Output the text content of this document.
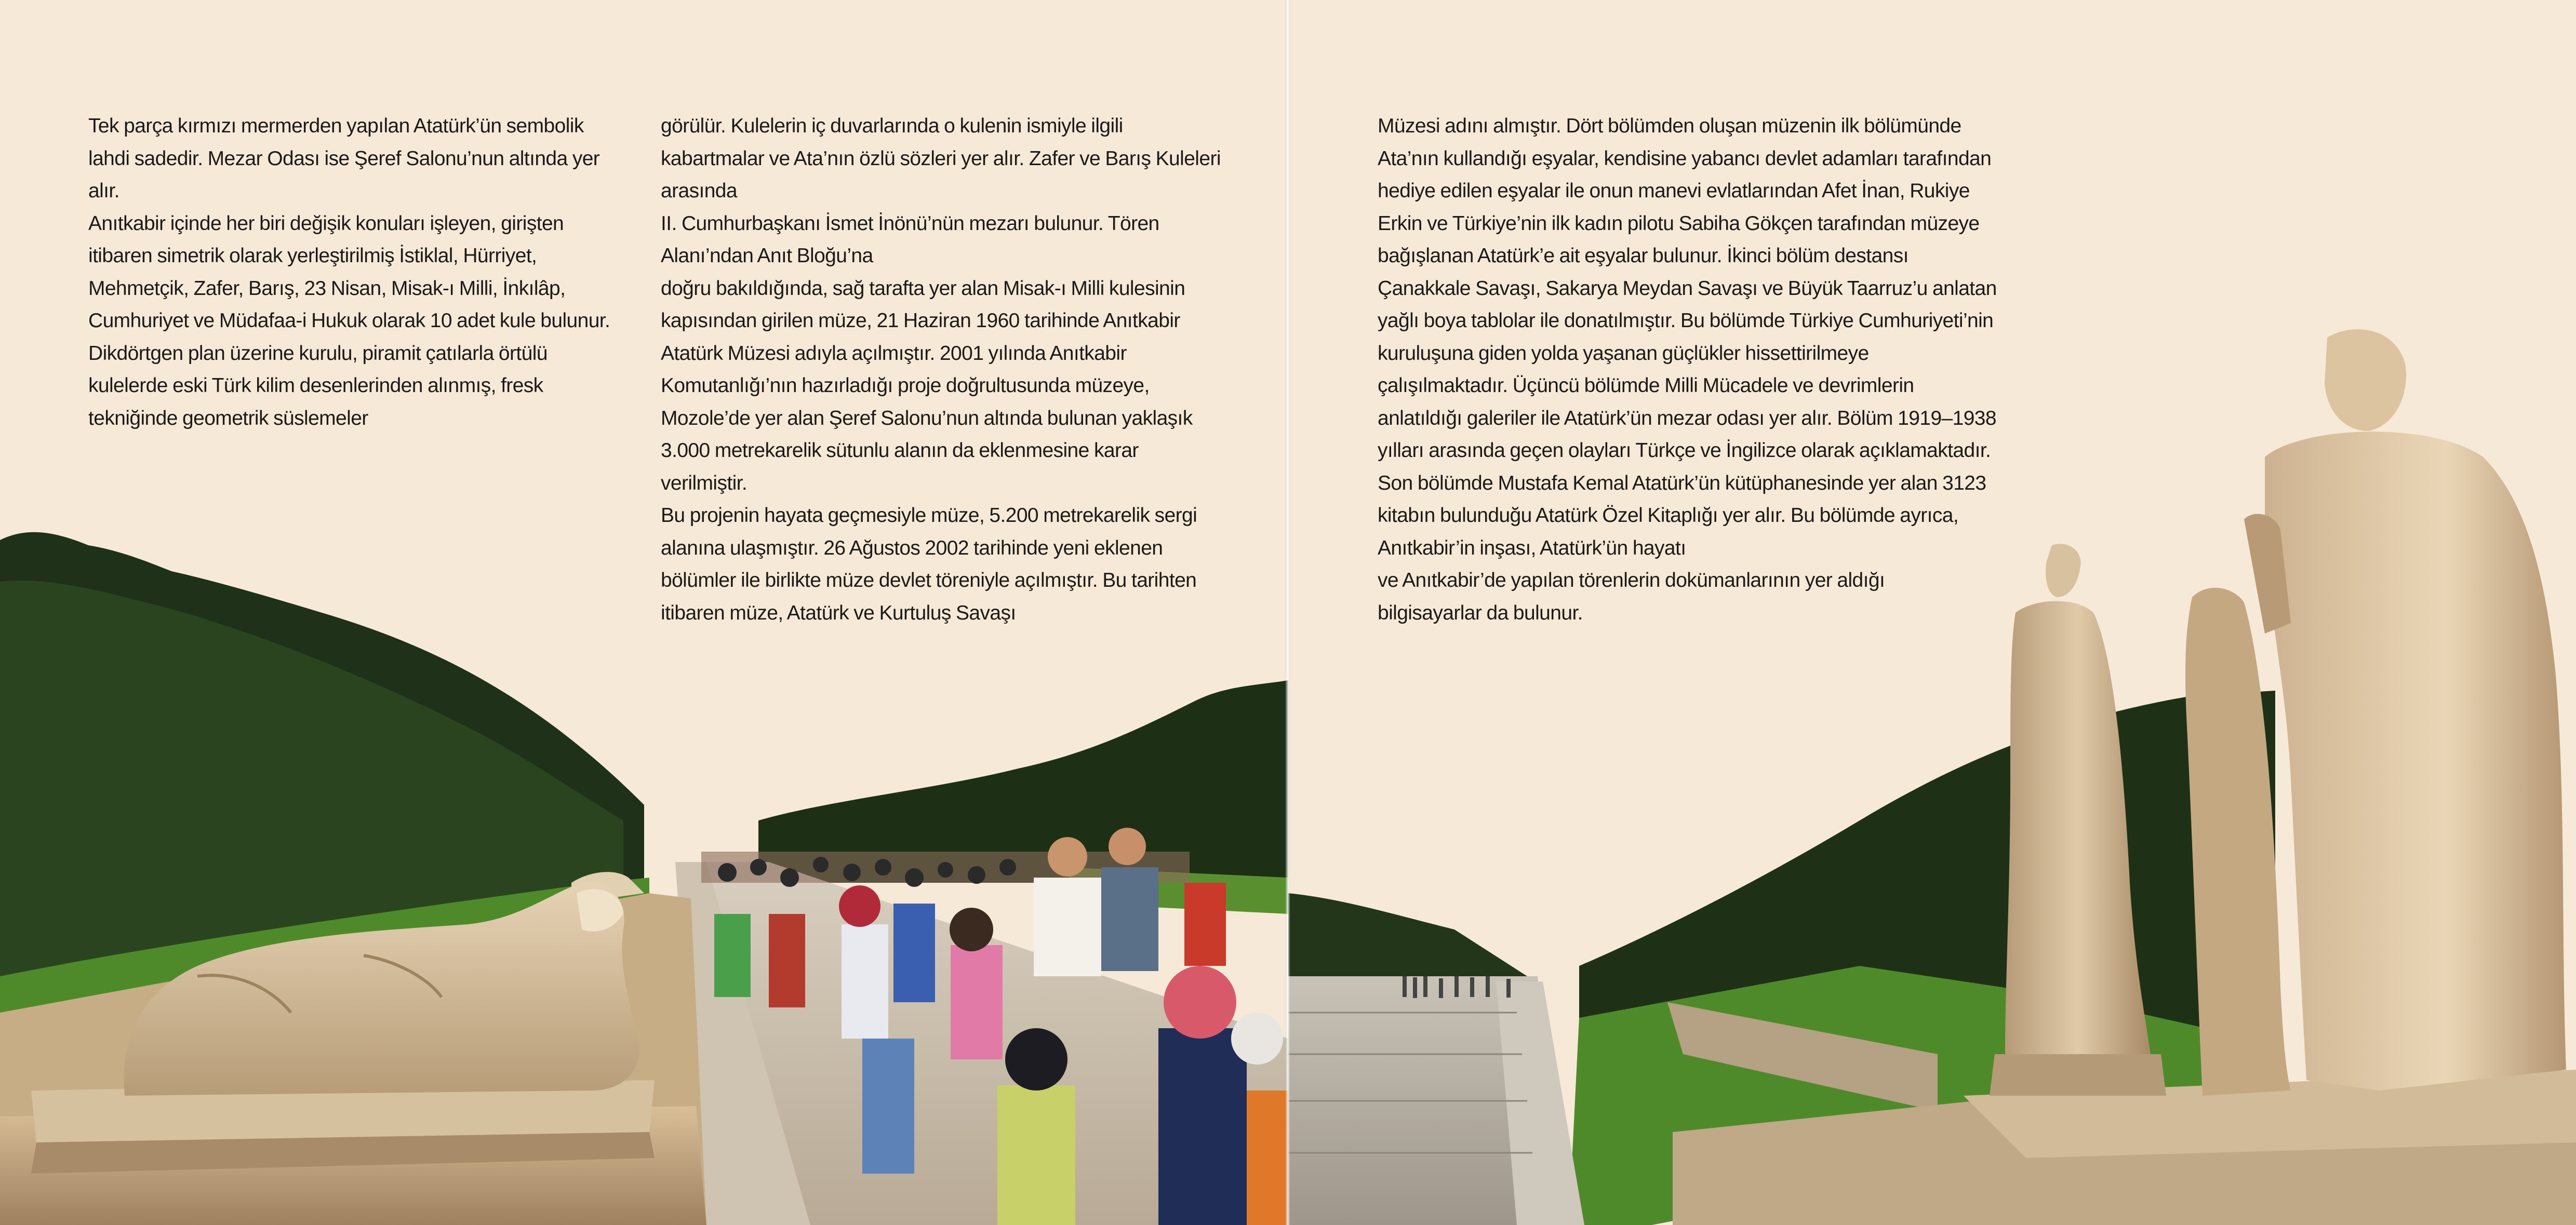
Tek parça kırmızı mermerden yapılan Atatürk’ün sembolik

lahdi sadedir. Mezar Odası ise Şeref Salonu’nun altında yer

alır.

Anıtkabir içinde her biri değişik konuları işleyen, girişten

itibaren simetrik olarak yerleştirilmiş İstiklal, Hürriyet,

Mehmetçik, Zafer, Barış, 23 Nisan, Misak-ı Milli, İnkılâp,

Cumhuriyet ve Müdafaa-i Hukuk olarak 10 adet kule bulunur.

Dikdörtgen plan üzerine kurulu, piramit çatılarla örtülü

kulelerde eski Türk kilim desenlerinden alınmış, fresk

tekniğinde geometrik süslemeler

görülür. Kulelerin iç duvarlarında o kulenin ismiyle ilgili

kabartmalar ve Ata’nın özlü sözleri yer alır. Zafer ve Barış Kuleleri

arasında

II. Cumhurbaşkanı İsmet İnönü’nün mezarı bulunur. Tören

Alanı’ndan Anıt Bloğu’na

doğru bakıldığında, sağ tarafta yer alan Misak-ı Milli kulesinin

kapısından girilen müze, 21 Haziran 1960 tarihinde Anıtkabir

Atatürk Müzesi adıyla açılmıştır. 2001 yılında Anıtkabir

Komutanlığı’nın hazırladığı proje doğrultusunda müzeye,

Mozole’de yer alan Şeref Salonu’nun altında bulunan yaklaşık

3.000 metrekarelik sütunlu alanın da eklenmesine karar

verilmiştir.

Bu projenin hayata geçmesiyle müze, 5.200 metrekarelik sergi

alanına ulaşmıştır. 26 Ağustos 2002 tarihinde yeni eklenen

bölümler ile birlikte müze devlet töreniyle açılmıştır. Bu tarihten

itibaren müze, Atatürk ve Kurtuluş Savaşı

Müzesi adını almıştır. Dört bölümden oluşan müzenin ilk bölümünde

Ata’nın kullandığı eşyalar, kendisine yabancı devlet adamları tarafından

hediye edilen eşyalar ile onun manevi evlatlarından Afet İnan, Rukiye

Erkin ve Türkiye’nin ilk kadın pilotu Sabiha Gökçen tarafından müzeye

bağışlanan Atatürk’e ait eşyalar bulunur. İkinci bölüm destansı

Çanakkale Savaşı, Sakarya Meydan Savaşı ve Büyük Taarruz’u anlatan

yağlı boya tablolar ile donatılmıştır. Bu bölümde Türkiye Cumhuriyeti’nin

kuruluşuna giden yolda yaşanan güçlükler hissettirilmeye

çalışılmaktadır. Üçüncü bölümde Milli Mücadele ve devrimlerin

anlatıldığı galeriler ile Atatürk’ün mezar odası yer alır. Bölüm 1919–1938

yılları arasında geçen olayları Türkçe ve İngilizce olarak açıklamaktadır.

Son bölümde Mustafa Kemal Atatürk’ün kütüphanesinde yer alan 3123

kitabın bulunduğu Atatürk Özel Kitaplığı yer alır. Bu bölümde ayrıca,

Anıtkabir’in inşası, Atatürk’ün hayatı

ve Anıtkabir’de yapılan törenlerin dokümanlarının yer aldığı

bilgisayarlar da bulunur.
